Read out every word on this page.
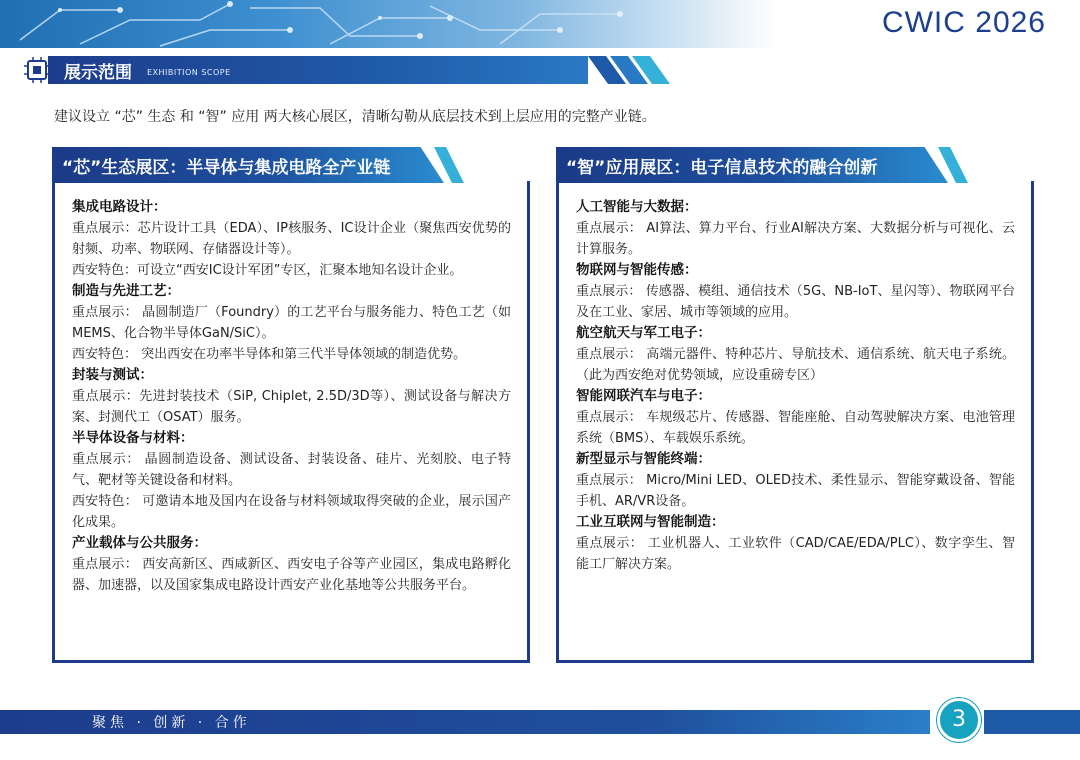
CWIC 2026
展示范围 EXHIBITION SCOPE
建议设立 “芯” 生态 和 “智” 应用 两大核心展区，清晰勾勒从底层技术到上层应用的完整产业链。
“芯”生态展区：半导体与集成电路全产业链
集成电路设计：
重点展示：芯片设计工具（EDA）、IP核服务、IC设计企业（聚焦西安优势的射频、功率、物联网、存储器设计等）。
西安特色：可设立“西安IC设计军团”专区，汇聚本地知名设计企业。
制造与先进工艺：
重点展示： 晶圆制造厂（Foundry）的工艺平台与服务能力、特色工艺（如MEMS、化合物半导体GaN/SiC）。
西安特色： 突出西安在功率半导体和第三代半导体领域的制造优势。
封装与测试：
重点展示：先进封装技术（SiP, Chiplet, 2.5D/3D等）、测试设备与解决方案、封测代工（OSAT）服务。
半导体设备与材料：
重点展示： 晶圆制造设备、测试设备、封装设备、硅片、光刻胶、电子特气、靶材等关键设备和材料。
西安特色： 可邀请本地及国内在设备与材料领域取得突破的企业，展示国产化成果。
产业载体与公共服务：
重点展示： 西安高新区、西咸新区、西安电子谷等产业园区，集成电路孵化器、加速器，以及国家集成电路设计西安产业化基地等公共服务平台。
“智”应用展区：电子信息技术的融合创新
人工智能与大数据：
重点展示： AI算法、算力平台、行业AI解决方案、大数据分析与可视化、云计算服务。
物联网与智能传感：
重点展示： 传感器、模组、通信技术（5G、NB-IoT、星闪等）、物联网平台及在工业、家居、城市等领域的应用。
航空航天与军工电子：
重点展示： 高端元器件、特种芯片、导航技术、通信系统、航天电子系统。（此为西安绝对优势领域，应设重磅专区）
智能网联汽车与电子：
重点展示： 车规级芯片、传感器、智能座舱、自动驾驶解决方案、电池管理系统（BMS）、车载娱乐系统。
新型显示与智能终端：
重点展示： Micro/Mini LED、OLED技术、柔性显示、智能穿戴设备、智能手机、AR/VR设备。
工业互联网与智能制造：
重点展示： 工业机器人、工业软件（CAD/CAE/EDA/PLC）、数字孪生、智能工厂解决方案。
聚焦 · 创新 · 合作	3
